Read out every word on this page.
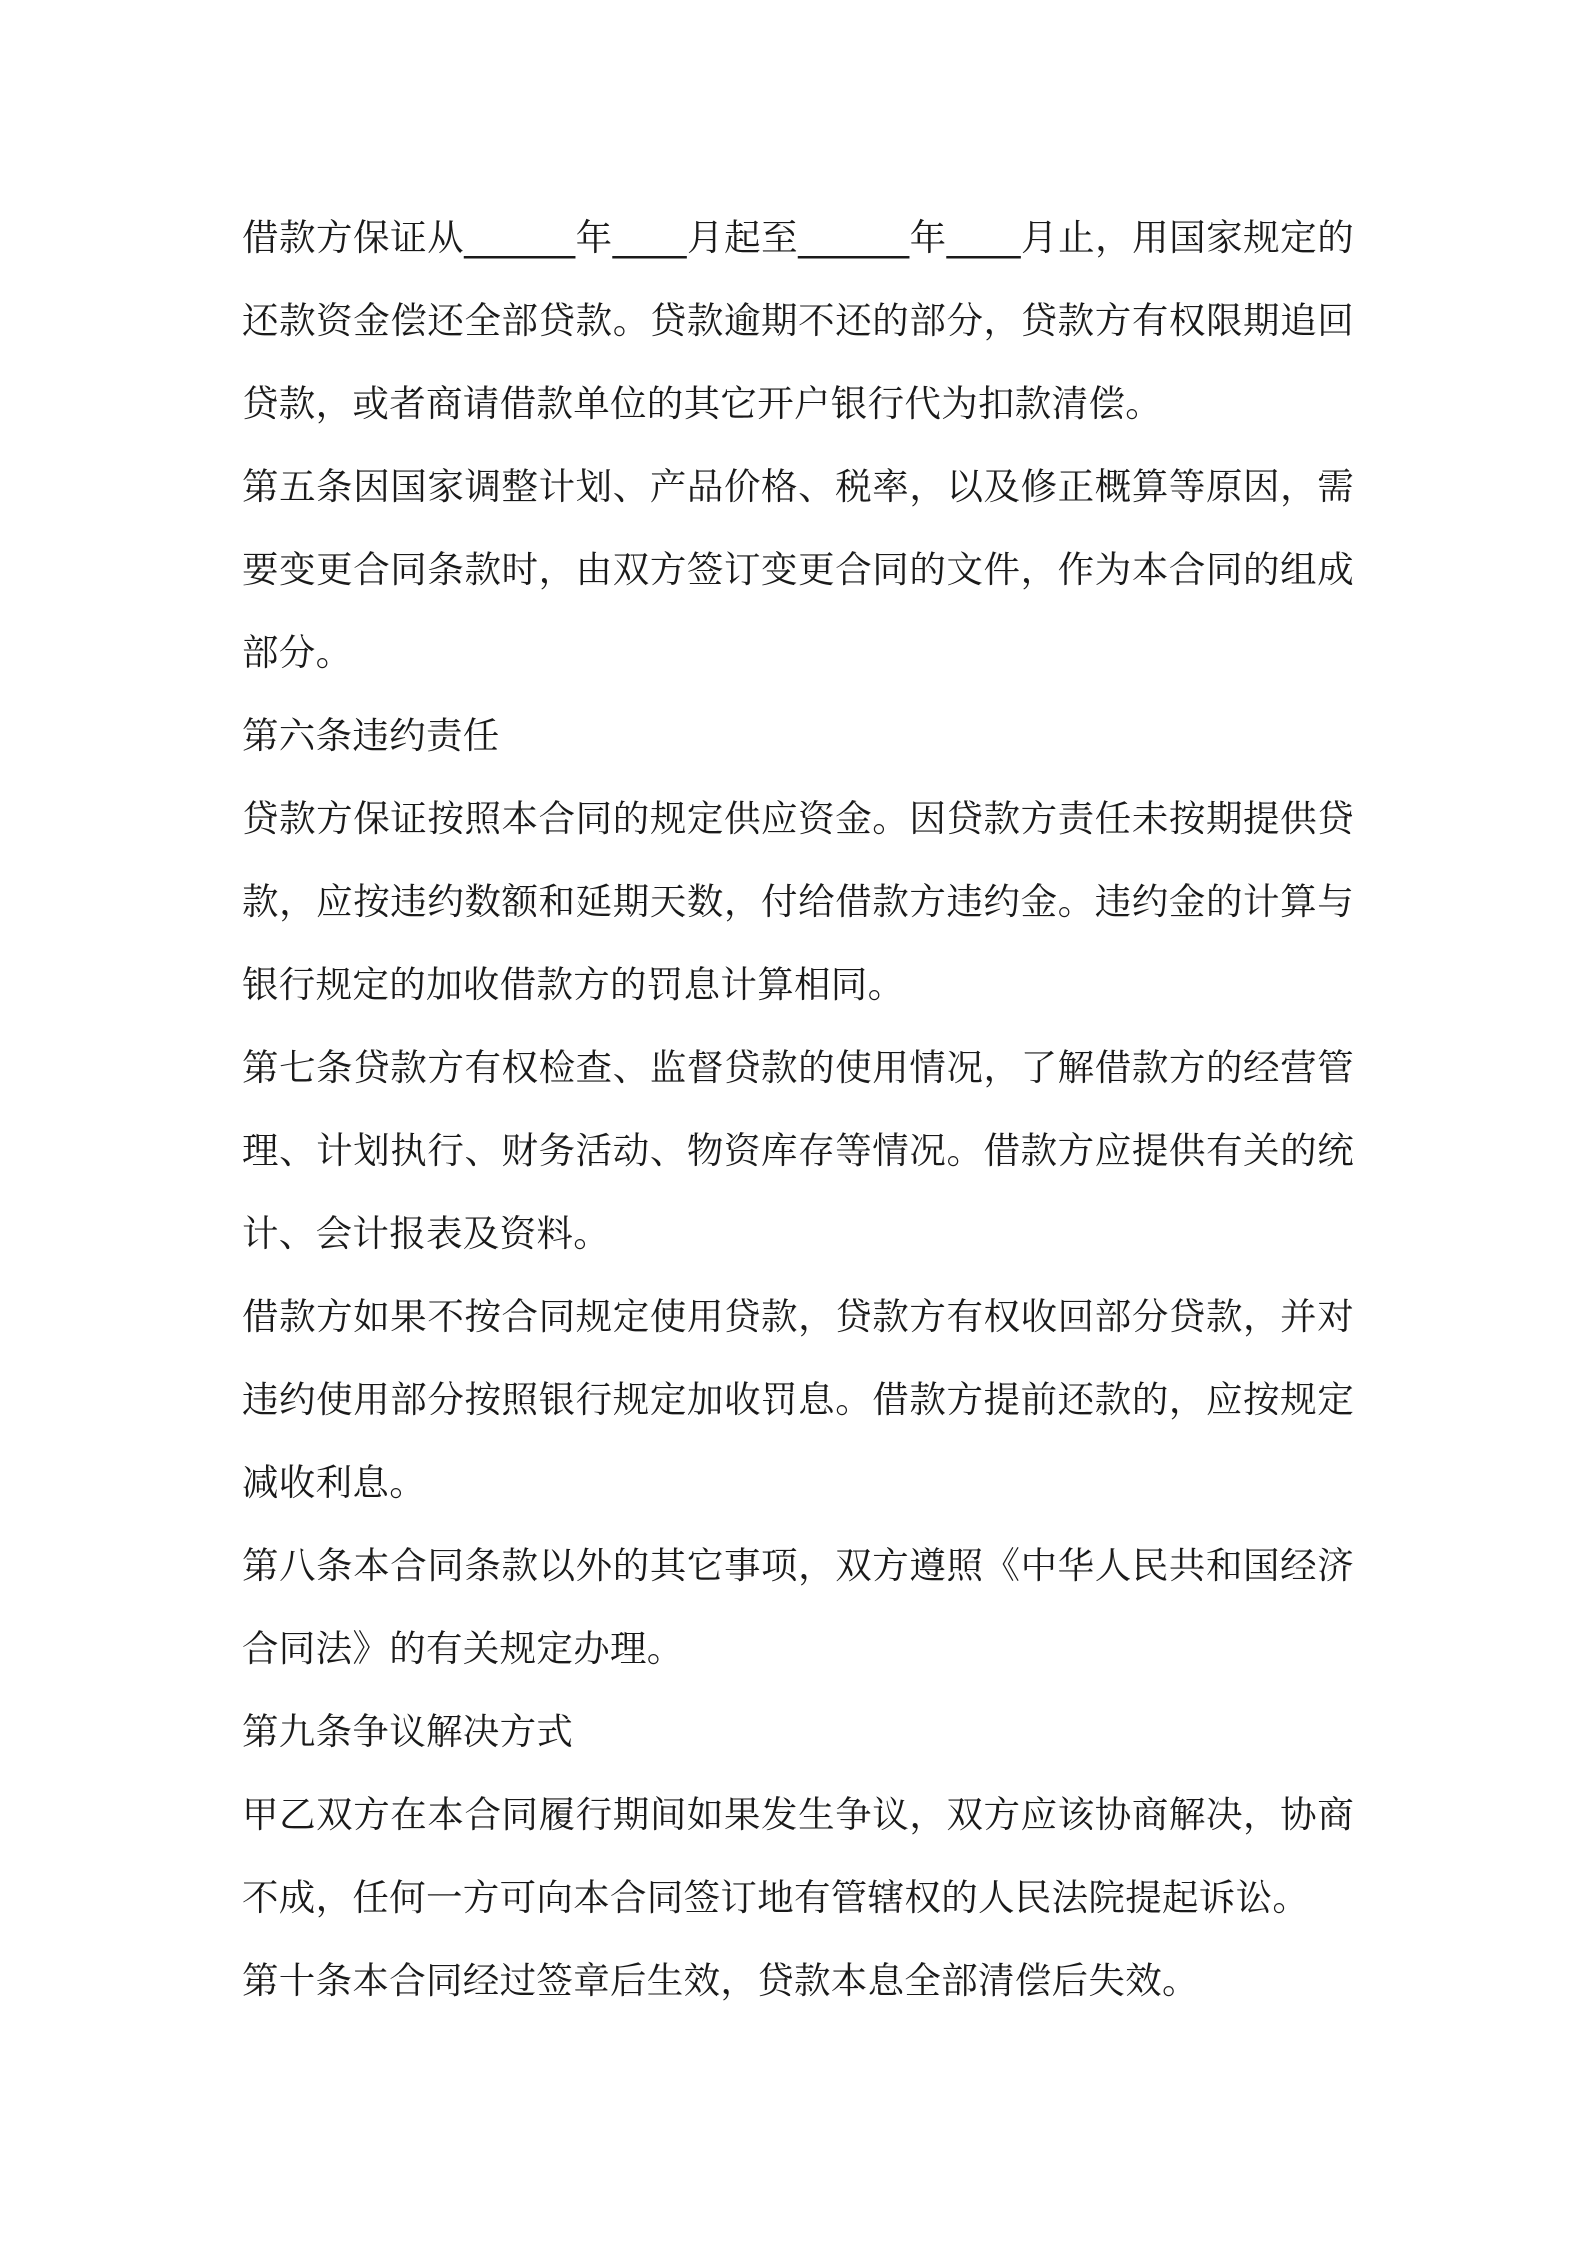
借款方保证从______年____月起至______年____月止，用国家规定的还款资金偿还全部贷款。贷款逾期不还的部分，贷款方有权限期追回贷款，或者商请借款单位的其它开户银行代为扣款清偿。

第五条因国家调整计划、产品价格、税率，以及修正概算等原因，需要变更合同条款时，由双方签订变更合同的文件，作为本合同的组成部分。

第六条违约责任

贷款方保证按照本合同的规定供应资金。因贷款方责任未按期提供贷款，应按违约数额和延期天数，付给借款方违约金。违约金的计算与银行规定的加收借款方的罚息计算相同。

第七条贷款方有权检查、监督贷款的使用情况，了解借款方的经营管理、计划执行、财务活动、物资库存等情况。借款方应提供有关的统计、会计报表及资料。

借款方如果不按合同规定使用贷款，贷款方有权收回部分贷款，并对违约使用部分按照银行规定加收罚息。借款方提前还款的，应按规定减收利息。

第八条本合同条款以外的其它事项，双方遵照《中华人民共和国经济合同法》的有关规定办理。

第九条争议解决方式

甲乙双方在本合同履行期间如果发生争议，双方应该协商解决，协商不成，任何一方可向本合同签订地有管辖权的人民法院提起诉讼。

第十条本合同经过签章后生效，贷款本息全部清偿后失效。
